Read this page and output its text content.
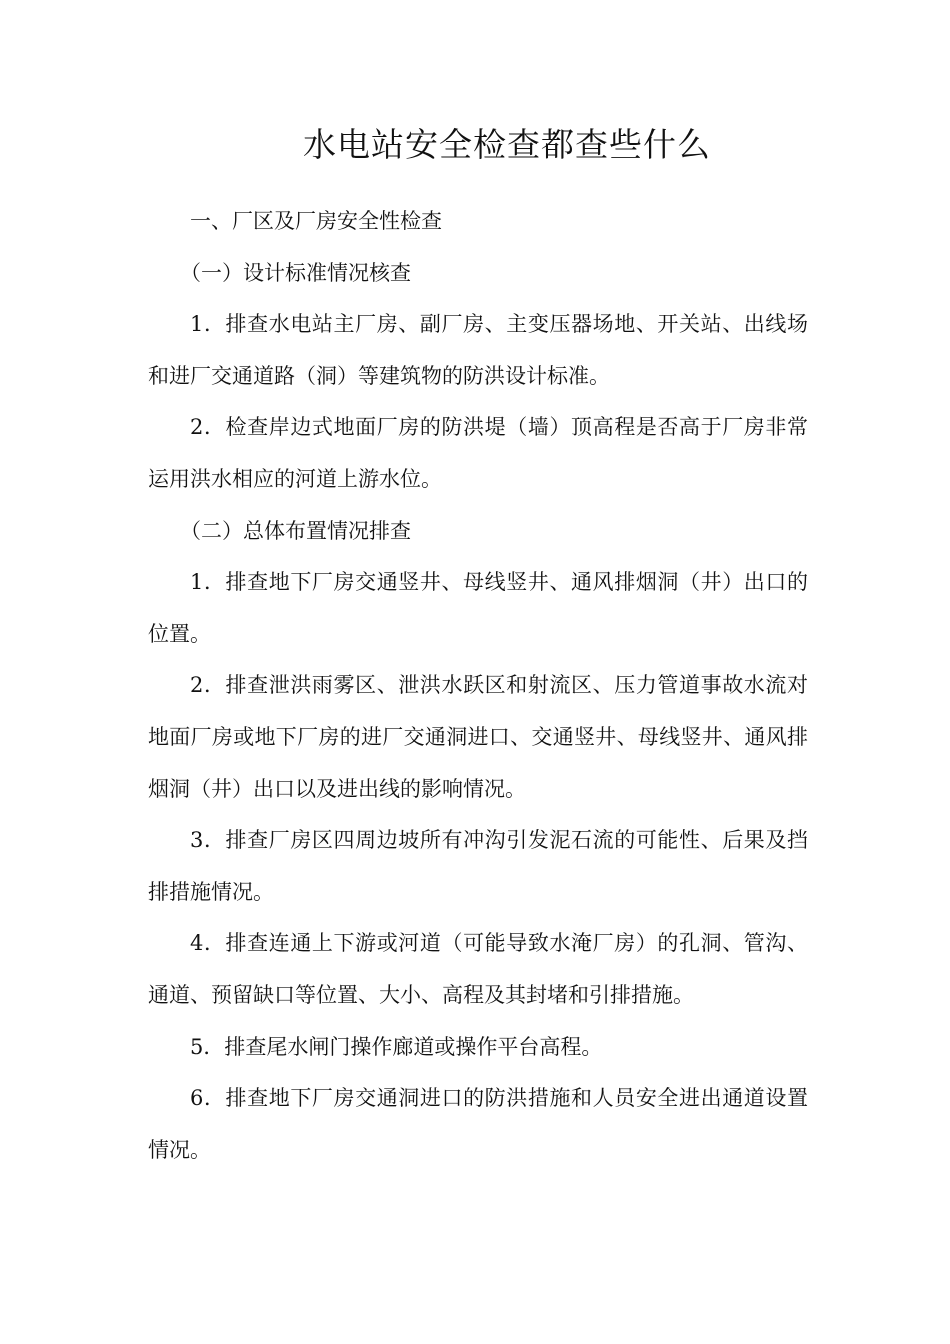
水电站安全检查都查些什么

一、厂区及厂房安全性检查

（一）设计标准情况核查

1．排查水电站主厂房、副厂房、主变压器场地、开关站、出线场和进厂交通道路（洞）等建筑物的防洪设计标准。

2．检查岸边式地面厂房的防洪堤（墙）顶高程是否高于厂房非常运用洪水相应的河道上游水位。

（二）总体布置情况排查

1．排查地下厂房交通竖井、母线竖井、通风排烟洞（井）出口的位置。

2．排查泄洪雨雾区、泄洪水跃区和射流区、压力管道事故水流对地面厂房或地下厂房的进厂交通洞进口、交通竖井、母线竖井、通风排烟洞（井）出口以及进出线的影响情况。

3．排查厂房区四周边坡所有冲沟引发泥石流的可能性、后果及挡排措施情况。

4．排查连通上下游或河道（可能导致水淹厂房）的孔洞、管沟、通道、预留缺口等位置、大小、高程及其封堵和引排措施。

5．排查尾水闸门操作廊道或操作平台高程。

6．排查地下厂房交通洞进口的防洪措施和人员安全进出通道设置情况。
